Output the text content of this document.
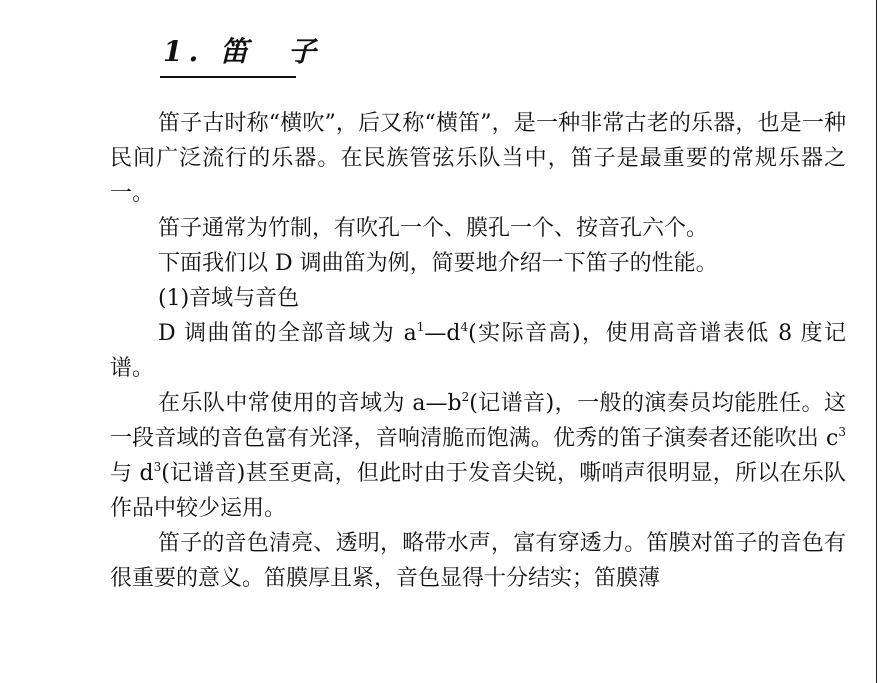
1. 笛　子

笛子古时称“横吹”，后又称“横笛”，是一种非常古老的乐器，也是一种民间广泛流行的乐器。在民族管弦乐队当中，笛子是最重要的常规乐器之一。

笛子通常为竹制，有吹孔一个、膜孔一个、按音孔六个。

下面我们以 D 调曲笛为例，简要地介绍一下笛子的性能。

(1)音域与音色

D 调曲笛的全部音域为 $a^1—d^4$(实际音高)，使用高音谱表低 8 度记谱。

在乐队中常使用的音域为 $a—b^2$(记谱音)，一般的演奏员均能胜任。这一段音域的音色富有光泽，音响清脆而饱满。优秀的笛子演奏者还能吹出 $c^3$ 与 $d^3$(记谱音)甚至更高，但此时由于发音尖锐，嘶哨声很明显，所以在乐队作品中较少运用。

笛子的音色清亮、透明，略带水声，富有穿透力。笛膜对笛子的音色有很重要的意义。笛膜厚且紧，音色显得十分结实；笛膜薄
